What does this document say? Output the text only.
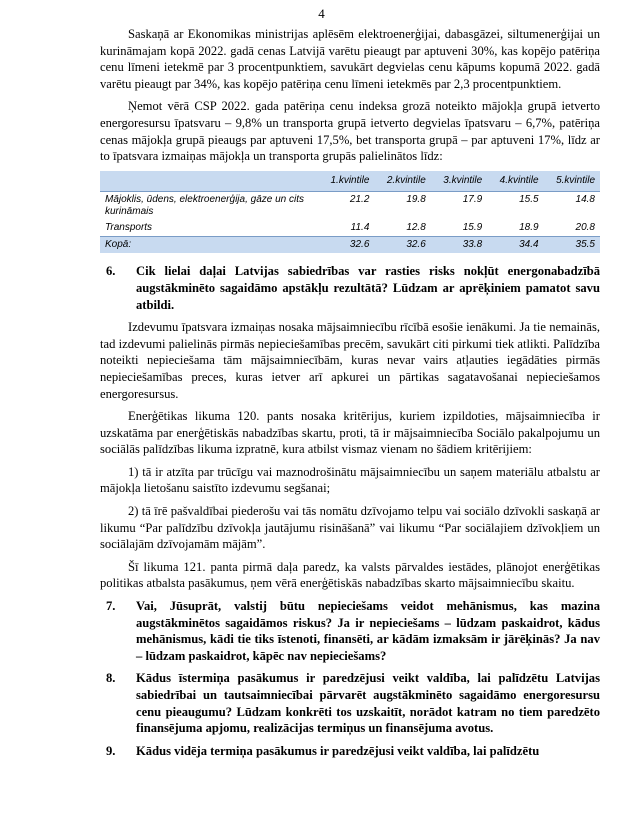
4

Saskaņā ar Ekonomikas ministrijas aplēsēm elektroenerģijai, dabasgāzei, siltumenerģijai un kurināmajam kopā 2022. gadā cenas Latvijā varētu pieaugt par aptuveni 30%, kas kopējo patēriņa cenu līmeni ietekmē par 3 procentpunktiem, savukārt degvielas cenu kāpums kopumā 2022. gadā varētu pieaugt par 34%, kas kopējo patēriņa cenu līmeni ietekmēs par 2,3 procentpunktiem.

Ņemot vērā CSP 2022. gada patēriņa cenu indeksa grozā noteikto mājokļa grupā ietverto energoresursu īpatsvaru – 9,8% un transporta grupā ietverto degvielas īpatsvaru – 6,7%, patēriņa cenas mājokļa grupā pieaugs par aptuveni 17,5%, bet transporta grupā – par aptuveni 17%, līdz ar to īpatsvara izmaiņas mājokļa un transporta grupās palielinātos līdz:

	1.kvintile	2.kvintile	3.kvintile	4.kvintile	5.kvintile
Mājoklis, ūdens, elektroenerģija, gāze un cits kurināmais	21.2	19.8	17.9	15.5	14.8
Transports	11.4	12.8	15.9	18.9	20.8
Kopā:	32.6	32.6	33.8	34.4	35.5
6.	Cik lielai daļai Latvijas sabiedrības var rasties risks nokļūt energonabadzībā augstākminēto sagaidāmo apstākļu rezultātā? Lūdzam ar aprēķiniem pamatot savu atbildi.

Izdevumu īpatsvara izmaiņas nosaka mājsaimniecību rīcībā esošie ienākumi. Ja tie nemainās, tad izdevumi palielinās pirmās nepieciešamības precēm, savukārt citi pirkumi tiek atlikti. Palīdzība noteikti nepieciešama tām mājsaimniecībām, kuras nevar vairs atļauties iegādāties pirmās nepieciešamības preces, kuras ietver arī apkurei un pārtikas sagatavošanai nepieciešamos energoresursus.

Enerģētikas likuma 120. pants nosaka kritērijus, kuriem izpildoties, mājsaimniecība ir uzskatāma par enerģētiskās nabadzības skartu, proti, tā ir mājsaimniecība Sociālo pakalpojumu un sociālās palīdzības likuma izpratnē, kura atbilst vismaz vienam no šādiem kritērijiem:

1) tā ir atzīta par trūcīgu vai maznodrošinātu mājsaimniecību un saņem materiālu atbalstu ar mājokļa lietošanu saistīto izdevumu segšanai;
2) tā īrē pašvaldībai piederošu vai tās nomātu dzīvojamo telpu vai sociālo dzīvokli saskaņā ar likumu “Par palīdzību dzīvokļa jautājumu risināšanā” vai likumu “Par sociālajiem dzīvokļiem un sociālajām dzīvojamām mājām”.

Šī likuma 121. panta pirmā daļa paredz, ka valsts pārvaldes iestādes, plānojot enerģētikas politikas atbalsta pasākumus, ņem vērā enerģētiskās nabadzības skarto mājsaimniecību skaitu.

7.	Vai, Jūsuprāt, valstij būtu nepieciešams veidot mehānismus, kas mazina augstākminētos sagaidāmos riskus? Ja ir nepieciešams – lūdzam paskaidrot, kādus mehānismus, kādi tie tiks īstenoti, finansēti, ar kādām izmaksām ir jārēķinās? Ja nav – lūdzam paskaidrot, kāpēc nav nepieciešams?
8.	Kādus īstermiņa pasākumus ir paredzējusi veikt valdība, lai palīdzētu Latvijas sabiedrībai un tautsaimniecībai pārvarēt augstākminēto sagaidāmo energoresursu cenu pieaugumu? Lūdzam konkrēti tos uzskaitīt, norādot katram no tiem paredzēto finansējuma apjomu, realizācijas termiņus un finansējuma avotus.
9.	Kādus vidēja termiņa pasākumus ir paredzējusi veikt valdība, lai palīdzētu
